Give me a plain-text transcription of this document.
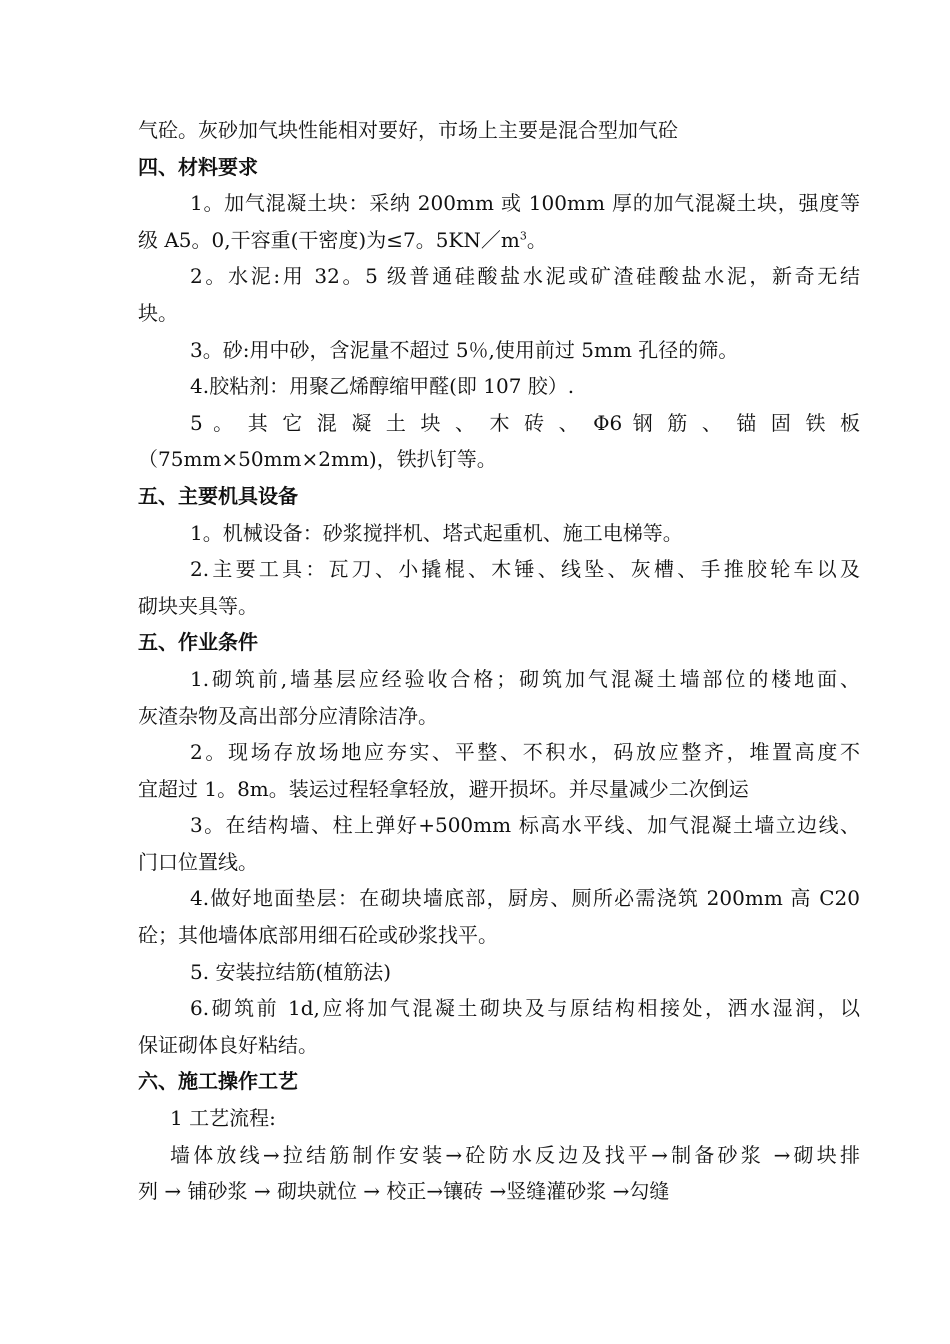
气砼。灰砂加气块性能相对要好，市场上主要是混合型加气砼
四、材料要求
1。加气混凝土块：采纳 200mm 或 100mm 厚的加气混凝土块，强度等
级 A5。0,干容重(干密度)为≤7。$5KN/m^3$。
2。水泥:用 32。5 级普通硅酸盐水泥或矿渣硅酸盐水泥，新奇无结
块。
3。砂:用中砂，含泥量不超过 5％,使用前过 5mm 孔径的筛。
4.胶粘剂：用聚乙烯醇缩甲醛(即 107 胶）.
5 。 其 它 混 凝 土 块 、 木 砖 、 Φ6 钢 筋 、 锚 固 铁 板
（75mm×50mm×2mm)，铁扒钉等。
五、主要机具设备
1。机械设备：砂浆搅拌机、塔式起重机、施工电梯等。
2.主要工具：瓦刀、小撬棍、木锤、线坠、灰槽、手推胶轮车以及
砌块夹具等。
五、作业条件
1.砌筑前,墙基层应经验收合格；砌筑加气混凝土墙部位的楼地面、
灰渣杂物及高出部分应清除洁净。
2。现场存放场地应夯实、平整、不积水，码放应整齐，堆置高度不
宜超过 1。8m。装运过程轻拿轻放，避开损坏。并尽量减少二次倒运
3。在结构墙、柱上弹好+500mm 标高水平线、加气混凝土墙立边线、
门口位置线。
4.做好地面垫层：在砌块墙底部，厨房、厕所必需浇筑 200mm 高 C20
砼；其他墙体底部用细石砼或砂浆找平。
5. 安装拉结筋(植筋法)
6.砌筑前 1d,应将加气混凝土砌块及与原结构相接处，洒水湿润，以
保证砌体良好粘结。
六、施工操作工艺
1 工艺流程:
墙体放线→拉结筋制作安装→砼防水反边及找平→制备砂浆 →砌块排
列 → 铺砂浆 → 砌块就位 → 校正→镶砖 →竖缝灌砂浆 →勾缝
